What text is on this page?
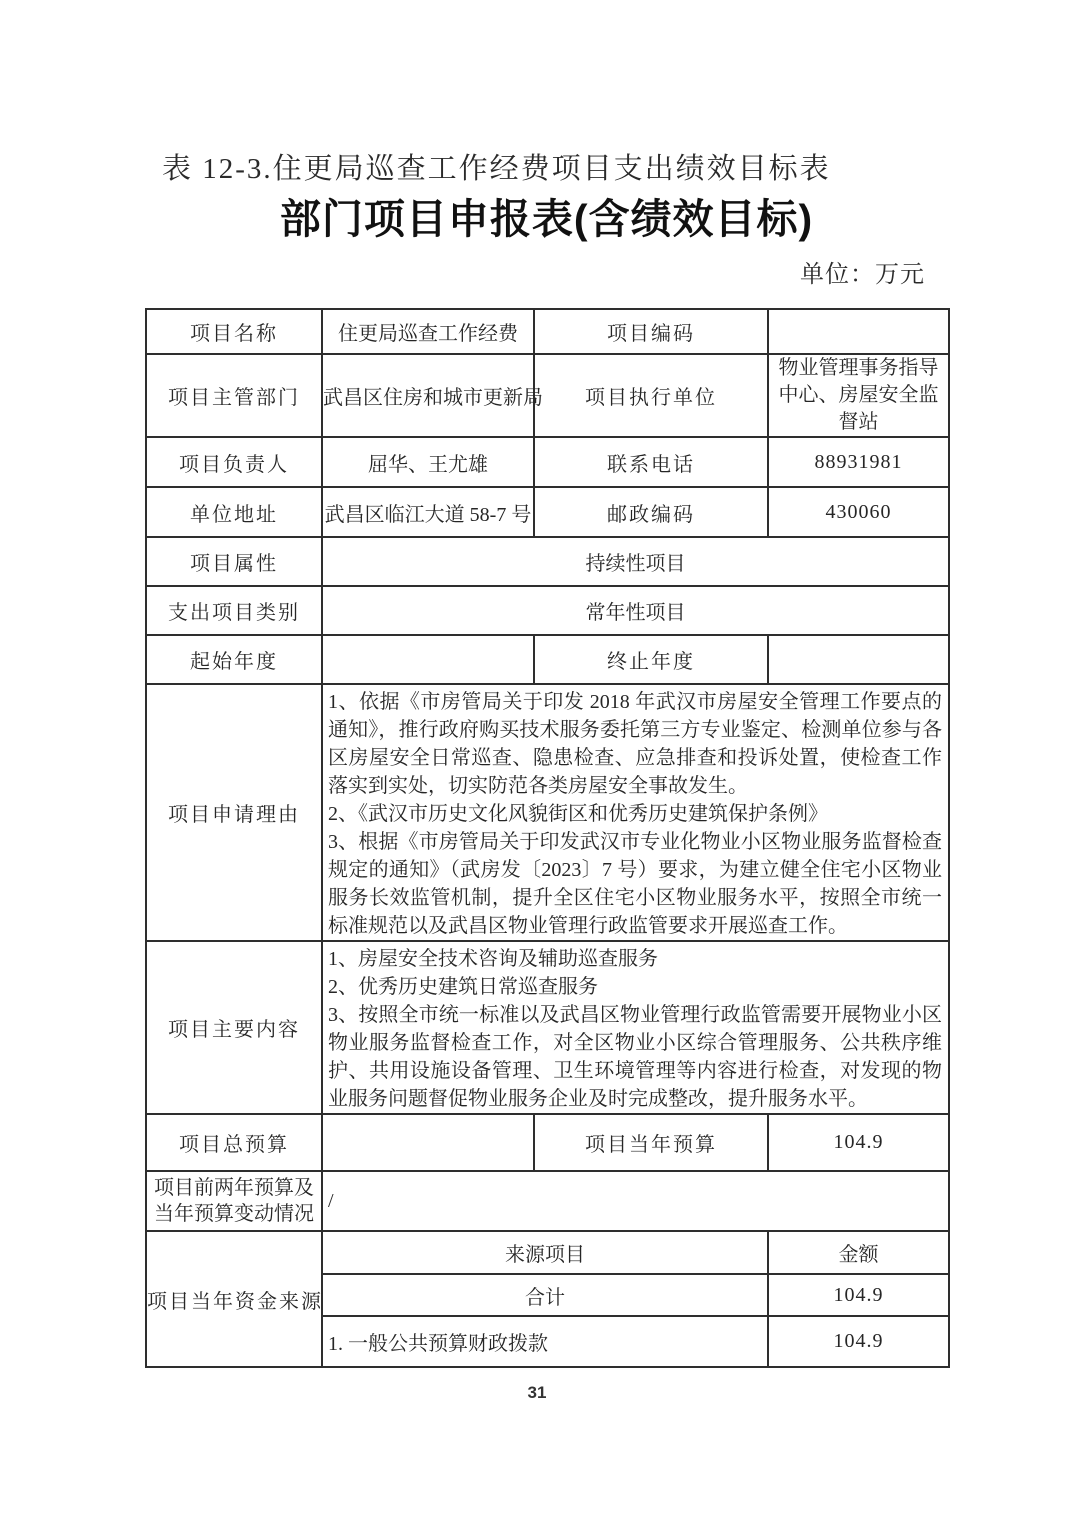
表 12-3.住更局巡查工作经费项目支出绩效目标表
部门项目申报表(含绩效目标)
单位：万元
项目名称	住更局巡查工作经费	项目编码	
项目主管部门	武昌区住房和城市更新局	项目执行单位	物业管理事务指导中心、房屋安全监督站
项目负责人	屈华、王尤雄	联系电话	88931981
单位地址	武昌区临江大道 58-7 号	邮政编码	430060
项目属性	持续性项目		
支出项目类别	常年性项目		
起始年度		终止年度	
项目申请理由	1、依据《市房管局关于印发 2018 年武汉市房屋安全管理工作要点的通知》，推行政府购买技术服务委托第三方专业鉴定、检测单位参与各区房屋安全日常巡查、隐患检查、应急排查和投诉处置，使检查工作落实到实处，切实防范各类房屋安全事故发生。

2、《武汉市历史文化风貌街区和优秀历史建筑保护条例》

3、根据《市房管局关于印发武汉市专业化物业小区物业服务监督检查规定的通知》（武房发〔2023〕7 号）要求，为建立健全住宅小区物业服务长效监管机制，提升全区住宅小区物业服务水平，按照全市统一标准规范以及武昌区物业管理行政监管要求开展巡查工作。		

项目主要内容	1、房屋安全技术咨询及辅助巡查服务

2、优秀历史建筑日常巡查服务

3、按照全市统一标准以及武昌区物业管理行政监管需要开展物业小区物业服务监督检查工作，对全区物业小区综合管理服务、公共秩序维护、共用设施设备管理、卫生环境管理等内容进行检查，对发现的物业服务问题督促物业服务企业及时完成整改，提升服务水平。		

项目总预算		项目当年预算	104.9
项目前两年预算及当年预算变动情况	/		
项目当年资金来源	来源项目		金额
	合计		104.9
	1. 一般公共预算财政拨款		104.9
31
